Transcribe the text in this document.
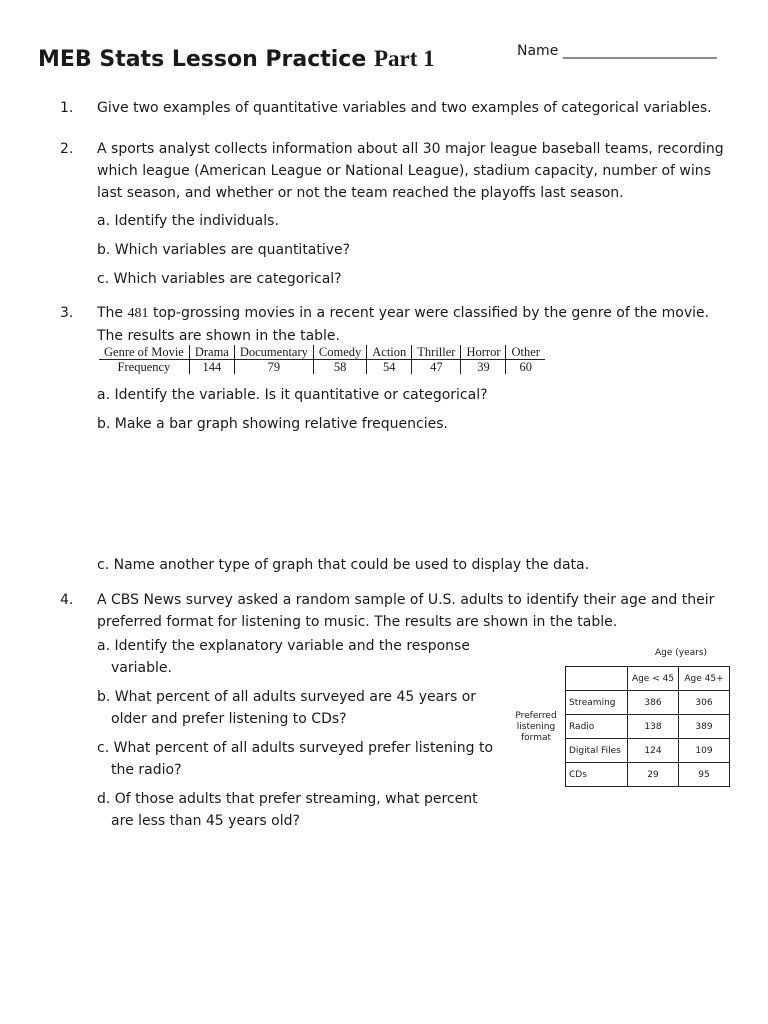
MEB Stats Lesson Practice Part 1	Name ______________________
1. Give two examples of quantitative variables and two examples of categorical variables.
2. A sports analyst collects information about all 30 major league baseball teams, recording which league (American League or National League), stadium capacity, number of wins last season, and whether or not the team reached the playoffs last season.
a. Identify the individuals.
b. Which variables are quantitative?
c. Which variables are categorical?
3. The 481 top-grossing movies in a recent year were classified by the genre of the movie. The results are shown in the table.
Genre of Movie	Drama	Documentary	Comedy	Action	Thriller	Horror	Other
Frequency	144	79	58	54	47	39	60
a. Identify the variable. Is it quantitative or categorical?
b. Make a bar graph showing relative frequencies.
c. Name another type of graph that could be used to display the data.
4. A CBS News survey asked a random sample of U.S. adults to identify their age and their preferred format for listening to music. The results are shown in the table.
a. Identify the explanatory variable and the response
variable.
b. What percent of all adults surveyed are 45 years or
older and prefer listening to CDs?
c. What percent of all adults surveyed prefer listening to
the radio?
d. Of those adults that prefer streaming, what percent
are less than 45 years old?
Age (years)
Preferred listening format
	Age < 45	Age 45+
Streaming	386	306
Radio	138	389
Digital Files	124	109
CDs	29	95
